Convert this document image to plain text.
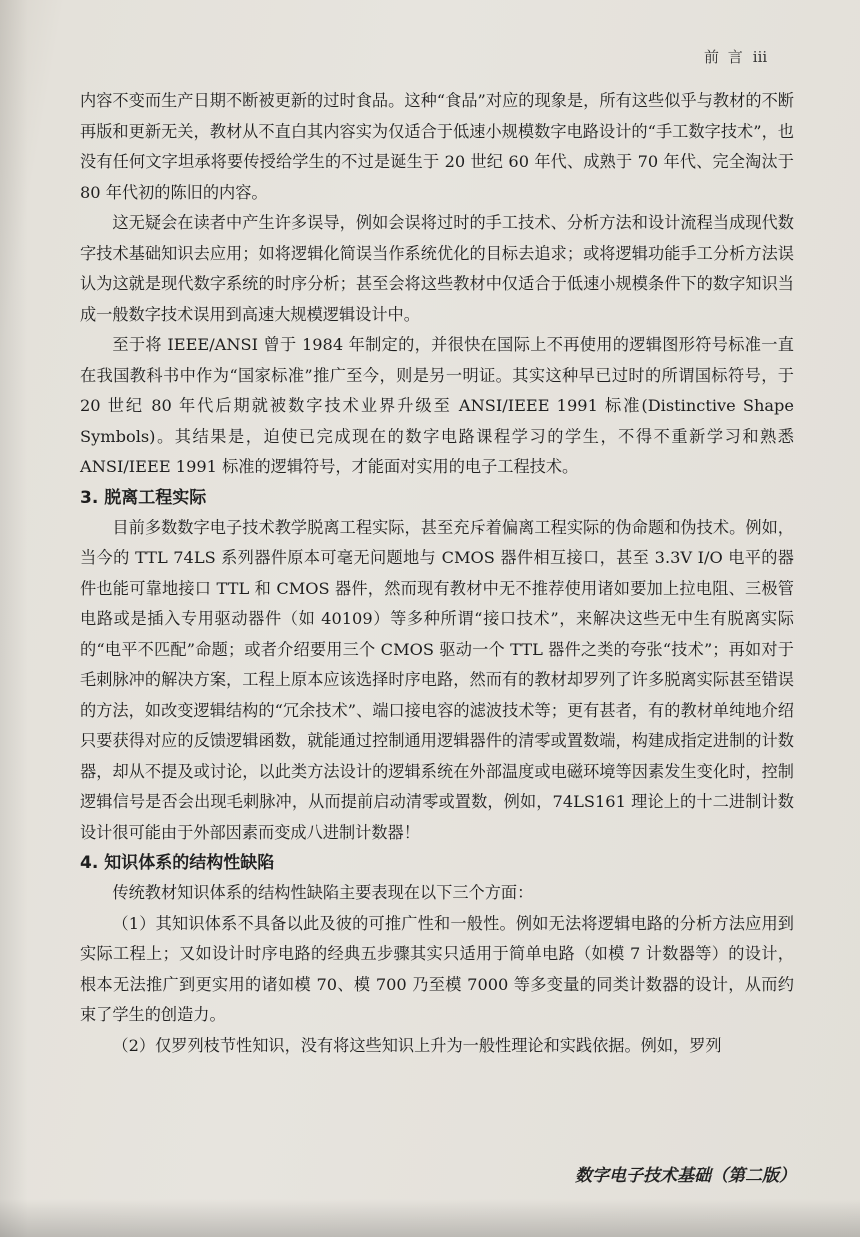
前 言 iii

内容不变而生产日期不断被更新的过时食品。这种“食品”对应的现象是，所有这些似乎与教材的不断再版和更新无关，教材从不直白其内容实为仅适合于低速小规模数字电路设计的“手工数字技术”，也没有任何文字坦承将要传授给学生的不过是诞生于 20 世纪 60 年代、成熟于 70 年代、完全淘汰于 80 年代初的陈旧的内容。

这无疑会在读者中产生许多误导，例如会误将过时的手工技术、分析方法和设计流程当成现代数字技术基础知识去应用；如将逻辑化简误当作系统优化的目标去追求；或将逻辑功能手工分析方法误认为这就是现代数字系统的时序分析；甚至会将这些教材中仅适合于低速小规模条件下的数字知识当成一般数字技术误用到高速大规模逻辑设计中。

至于将 IEEE/ANSI 曾于 1984 年制定的，并很快在国际上不再使用的逻辑图形符号标准一直在我国教科书中作为“国家标准”推广至今，则是另一明证。其实这种早已过时的所谓国标符号，于 20 世纪 80 年代后期就被数字技术业界升级至 ANSI/IEEE 1991 标准(Distinctive Shape Symbols)。其结果是，迫使已完成现在的数字电路课程学习的学生，不得不重新学习和熟悉 ANSI/IEEE 1991 标准的逻辑符号，才能面对实用的电子工程技术。

3. 脱离工程实际

目前多数数字电子技术教学脱离工程实际，甚至充斥着偏离工程实际的伪命题和伪技术。例如，当今的 TTL 74LS 系列器件原本可毫无问题地与 CMOS 器件相互接口，甚至 3.3V I/O 电平的器件也能可靠地接口 TTL 和 CMOS 器件，然而现有教材中无不推荐使用诸如要加上拉电阻、三极管电路或是插入专用驱动器件（如 40109）等多种所谓“接口技术”，来解决这些无中生有脱离实际的“电平不匹配”命题；或者介绍要用三个 CMOS 驱动一个 TTL 器件之类的夸张“技术”；再如对于毛刺脉冲的解决方案，工程上原本应该选择时序电路，然而有的教材却罗列了许多脱离实际甚至错误的方法，如改变逻辑结构的“冗余技术”、端口接电容的滤波技术等；更有甚者，有的教材单纯地介绍只要获得对应的反馈逻辑函数，就能通过控制通用逻辑器件的清零或置数端，构建成指定进制的计数器，却从不提及或讨论，以此类方法设计的逻辑系统在外部温度或电磁环境等因素发生变化时，控制逻辑信号是否会出现毛刺脉冲，从而提前启动清零或置数，例如，74LS161 理论上的十二进制计数设计很可能由于外部因素而变成八进制计数器！

4. 知识体系的结构性缺陷

传统教材知识体系的结构性缺陷主要表现在以下三个方面：

（1）其知识体系不具备以此及彼的可推广性和一般性。例如无法将逻辑电路的分析方法应用到实际工程上；又如设计时序电路的经典五步骤其实只适用于简单电路（如模 7 计数器等）的设计，根本无法推广到更实用的诸如模 70、模 700 乃至模 7000 等多变量的同类计数器的设计，从而约束了学生的创造力。

（2）仅罗列枝节性知识，没有将这些知识上升为一般性理论和实践依据。例如，罗列

数字电子技术基础（第二版）
